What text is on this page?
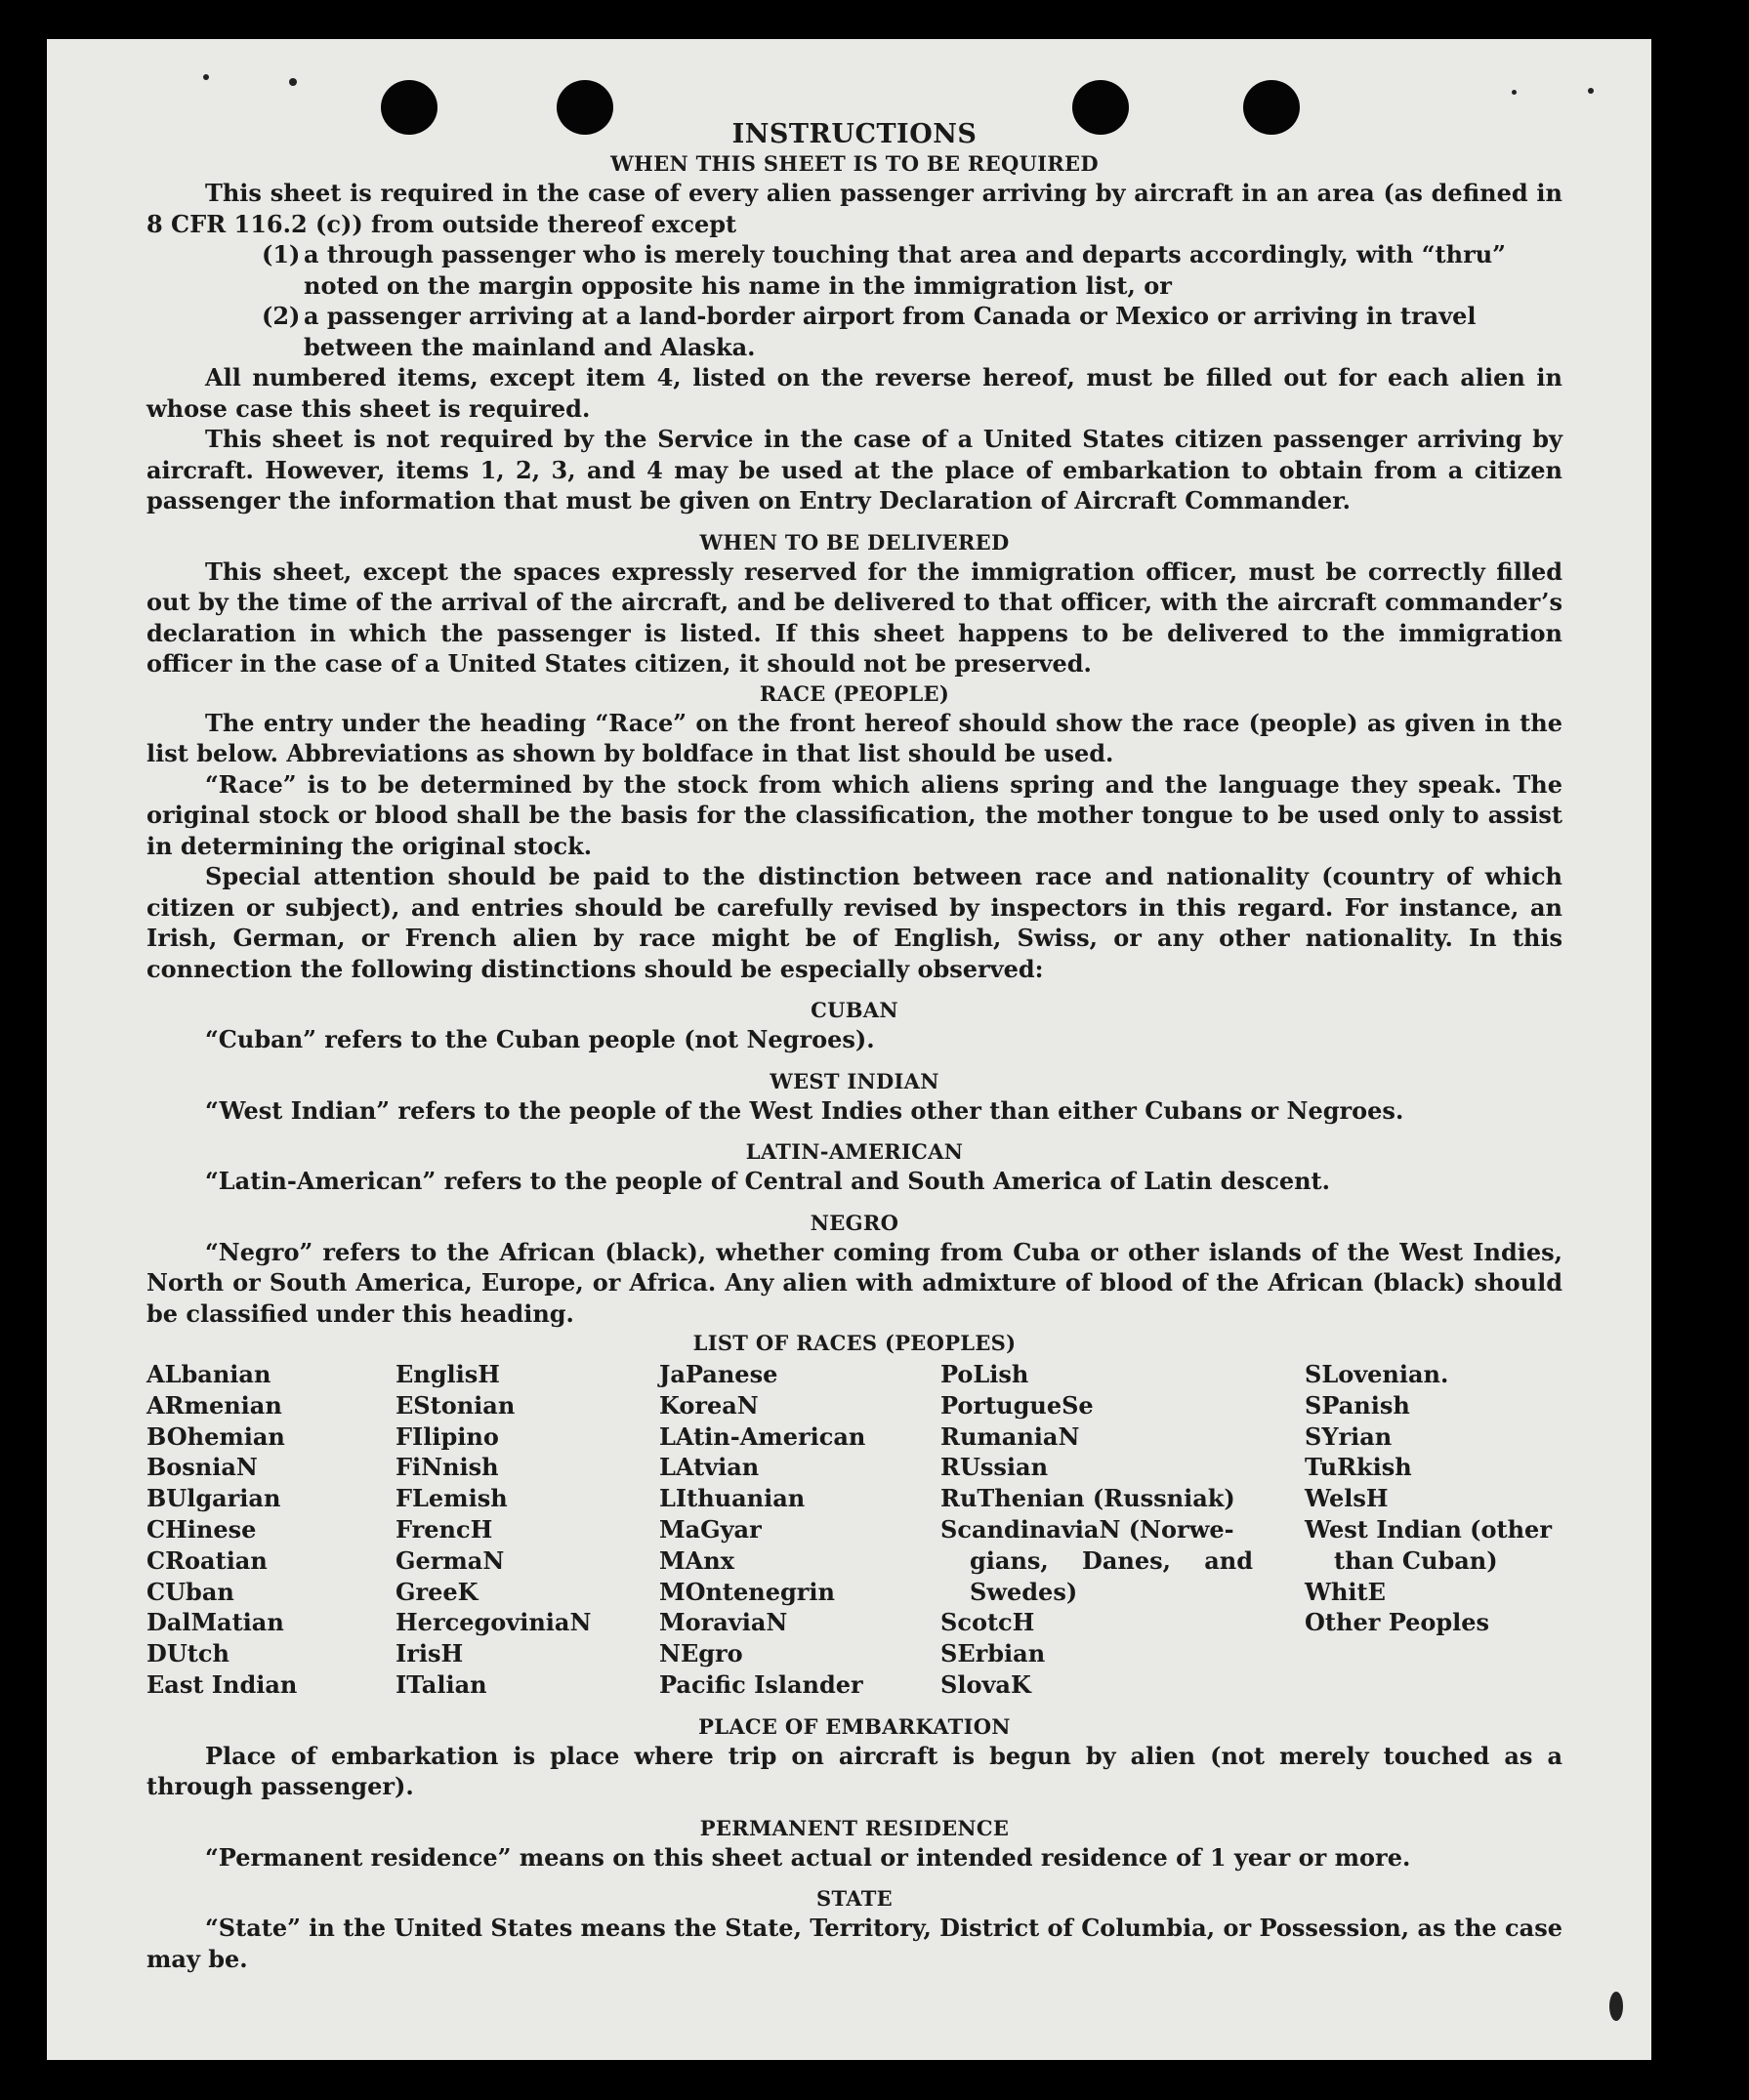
INSTRUCTIONS
WHEN THIS SHEET IS TO BE REQUIRED

This sheet is required in the case of every alien passenger arriving by aircraft in an area (as defined in 8 CFR 116.2 (c)) from outside thereof except

(1) a through passenger who is merely touching that area and departs accordingly, with “thru” noted on the margin opposite his name in the immigration list, or
(2) a passenger arriving at a land-border airport from Canada or Mexico or arriving in travel between the mainland and Alaska.

All numbered items, except item 4, listed on the reverse hereof, must be filled out for each alien in whose case this sheet is required.

This sheet is not required by the Service in the case of a United States citizen passenger arriving by aircraft. However, items 1, 2, 3, and 4 may be used at the place of embarkation to obtain from a citizen passenger the information that must be given on Entry Declaration of Aircraft Commander.

WHEN TO BE DELIVERED

This sheet, except the spaces expressly reserved for the immigration officer, must be correctly filled out by the time of the arrival of the aircraft, and be delivered to that officer, with the aircraft commander’s declaration in which the passenger is listed. If this sheet happens to be delivered to the immigration officer in the case of a United States citizen, it should not be preserved.

RACE (PEOPLE)

The entry under the heading “Race” on the front hereof should show the race (people) as given in the list below. Abbreviations as shown by boldface in that list should be used.

“Race” is to be determined by the stock from which aliens spring and the language they speak. The original stock or blood shall be the basis for the classification, the mother tongue to be used only to assist in determining the original stock.

Special attention should be paid to the distinction between race and nationality (country of which citizen or subject), and entries should be carefully revised by inspectors in this regard. For instance, an Irish, German, or French alien by race might be of English, Swiss, or any other nationality. In this connection the following distinctions should be especially observed:

CUBAN

“Cuban” refers to the Cuban people (not Negroes).

WEST INDIAN

“West Indian” refers to the people of the West Indies other than either Cubans or Negroes.

LATIN-AMERICAN

“Latin-American” refers to the people of Central and South America of Latin descent.

NEGRO

“Negro” refers to the African (black), whether coming from Cuba or other islands of the West Indies, North or South America, Europe, or Africa. Any alien with admixture of blood of the African (black) should be classified under this heading.

LIST OF RACES (PEOPLES)
ALbanian
ARmenian
BOhemian
BosniaN
BUlgarian
CHinese
CRoatian
CUban
DalMatian
DUtch
East Indian
EnglisH
EStonian
FIlipino
FiNnish
FLemish
FrencH
GermaN
GreeK
HercegoviniaN
IrisH
ITalian
JaPanese
KoreaN
LAtin-American
LAtvian
LIthuanian
MaGyar
MAnx
MOntenegrin
MoraviaN
NEgro
Pacific Islander
PoLish
PortugueSe
RumaniaN
RUssian
RuThenian (Russniak)
ScandinaviaN (Norwe-
gians, Danes, and
Swedes)
ScotcH
SErbian
SlovaK
SLovenian.
SPanish
SYrian
TuRkish
WelsH
West Indian (other
than Cuban)
WhitE
Other Peoples
PLACE OF EMBARKATION

Place of embarkation is place where trip on aircraft is begun by alien (not merely touched as a through passenger).

PERMANENT RESIDENCE

“Permanent residence” means on this sheet actual or intended residence of 1 year or more.

STATE

“State” in the United States means the State, Territory, District of Columbia, or Possession, as the case may be.
